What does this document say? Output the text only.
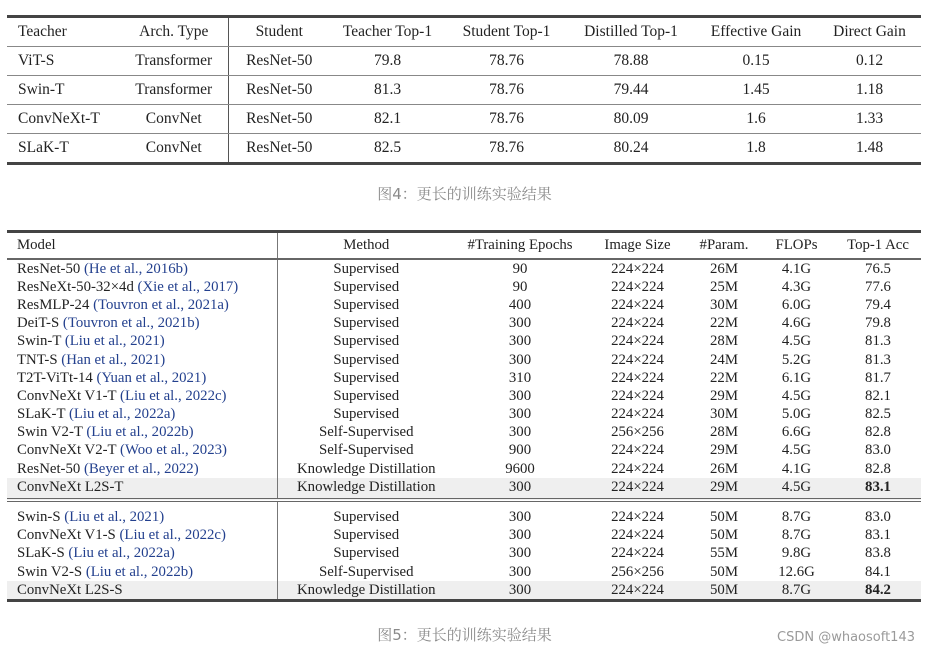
Teacher	Arch. Type	Student	Teacher Top-1	Student Top-1	Distilled Top-1	Effective Gain	Direct Gain
ViT-S	Transformer	ResNet-50	79.8	78.76	78.88	0.15	0.12
Swin-T	Transformer	ResNet-50	81.3	78.76	79.44	1.45	1.18
ConvNeXt-T	ConvNet	ResNet-50	82.1	78.76	80.09	1.6	1.33
SLaK-T	ConvNet	ResNet-50	82.5	78.76	80.24	1.8	1.48
图4：更长的训练实验结果
Model	Method	#Training Epochs	Image Size	#Param.	FLOPs	Top-1 Acc
ResNet-50 (He et al., 2016b)	Supervised	90	224×224	26M	4.1G	76.5
ResNeXt-50-32×4d (Xie et al., 2017)	Supervised	90	224×224	25M	4.3G	77.6
ResMLP-24 (Touvron et al., 2021a)	Supervised	400	224×224	30M	6.0G	79.4
DeiT-S (Touvron et al., 2021b)	Supervised	300	224×224	22M	4.6G	79.8
Swin-T (Liu et al., 2021)	Supervised	300	224×224	28M	4.5G	81.3
TNT-S (Han et al., 2021)	Supervised	300	224×224	24M	5.2G	81.3
T2T-ViTt-14 (Yuan et al., 2021)	Supervised	310	224×224	22M	6.1G	81.7
ConvNeXt V1-T (Liu et al., 2022c)	Supervised	300	224×224	29M	4.5G	82.1
SLaK-T (Liu et al., 2022a)	Supervised	300	224×224	30M	5.0G	82.5
Swin V2-T (Liu et al., 2022b)	Self-Supervised	300	256×256	28M	6.6G	82.8
ConvNeXt V2-T (Woo et al., 2023)	Self-Supervised	900	224×224	29M	4.5G	83.0
ResNet-50 (Beyer et al., 2022)	Knowledge Distillation	9600	224×224	26M	4.1G	82.8
ConvNeXt L2S-T	Knowledge Distillation	300	224×224	29M	4.5G	83.1
Swin-S (Liu et al., 2021)	Supervised	300	224×224	50M	8.7G	83.0
ConvNeXt V1-S (Liu et al., 2022c)	Supervised	300	224×224	50M	8.7G	83.1
SLaK-S (Liu et al., 2022a)	Supervised	300	224×224	55M	9.8G	83.8
Swin V2-S (Liu et al., 2022b)	Self-Supervised	300	256×256	50M	12.6G	84.1
ConvNeXt L2S-S	Knowledge Distillation	300	224×224	50M	8.7G	84.2
图5：更长的训练实验结果	CSDN @whaosoft143
